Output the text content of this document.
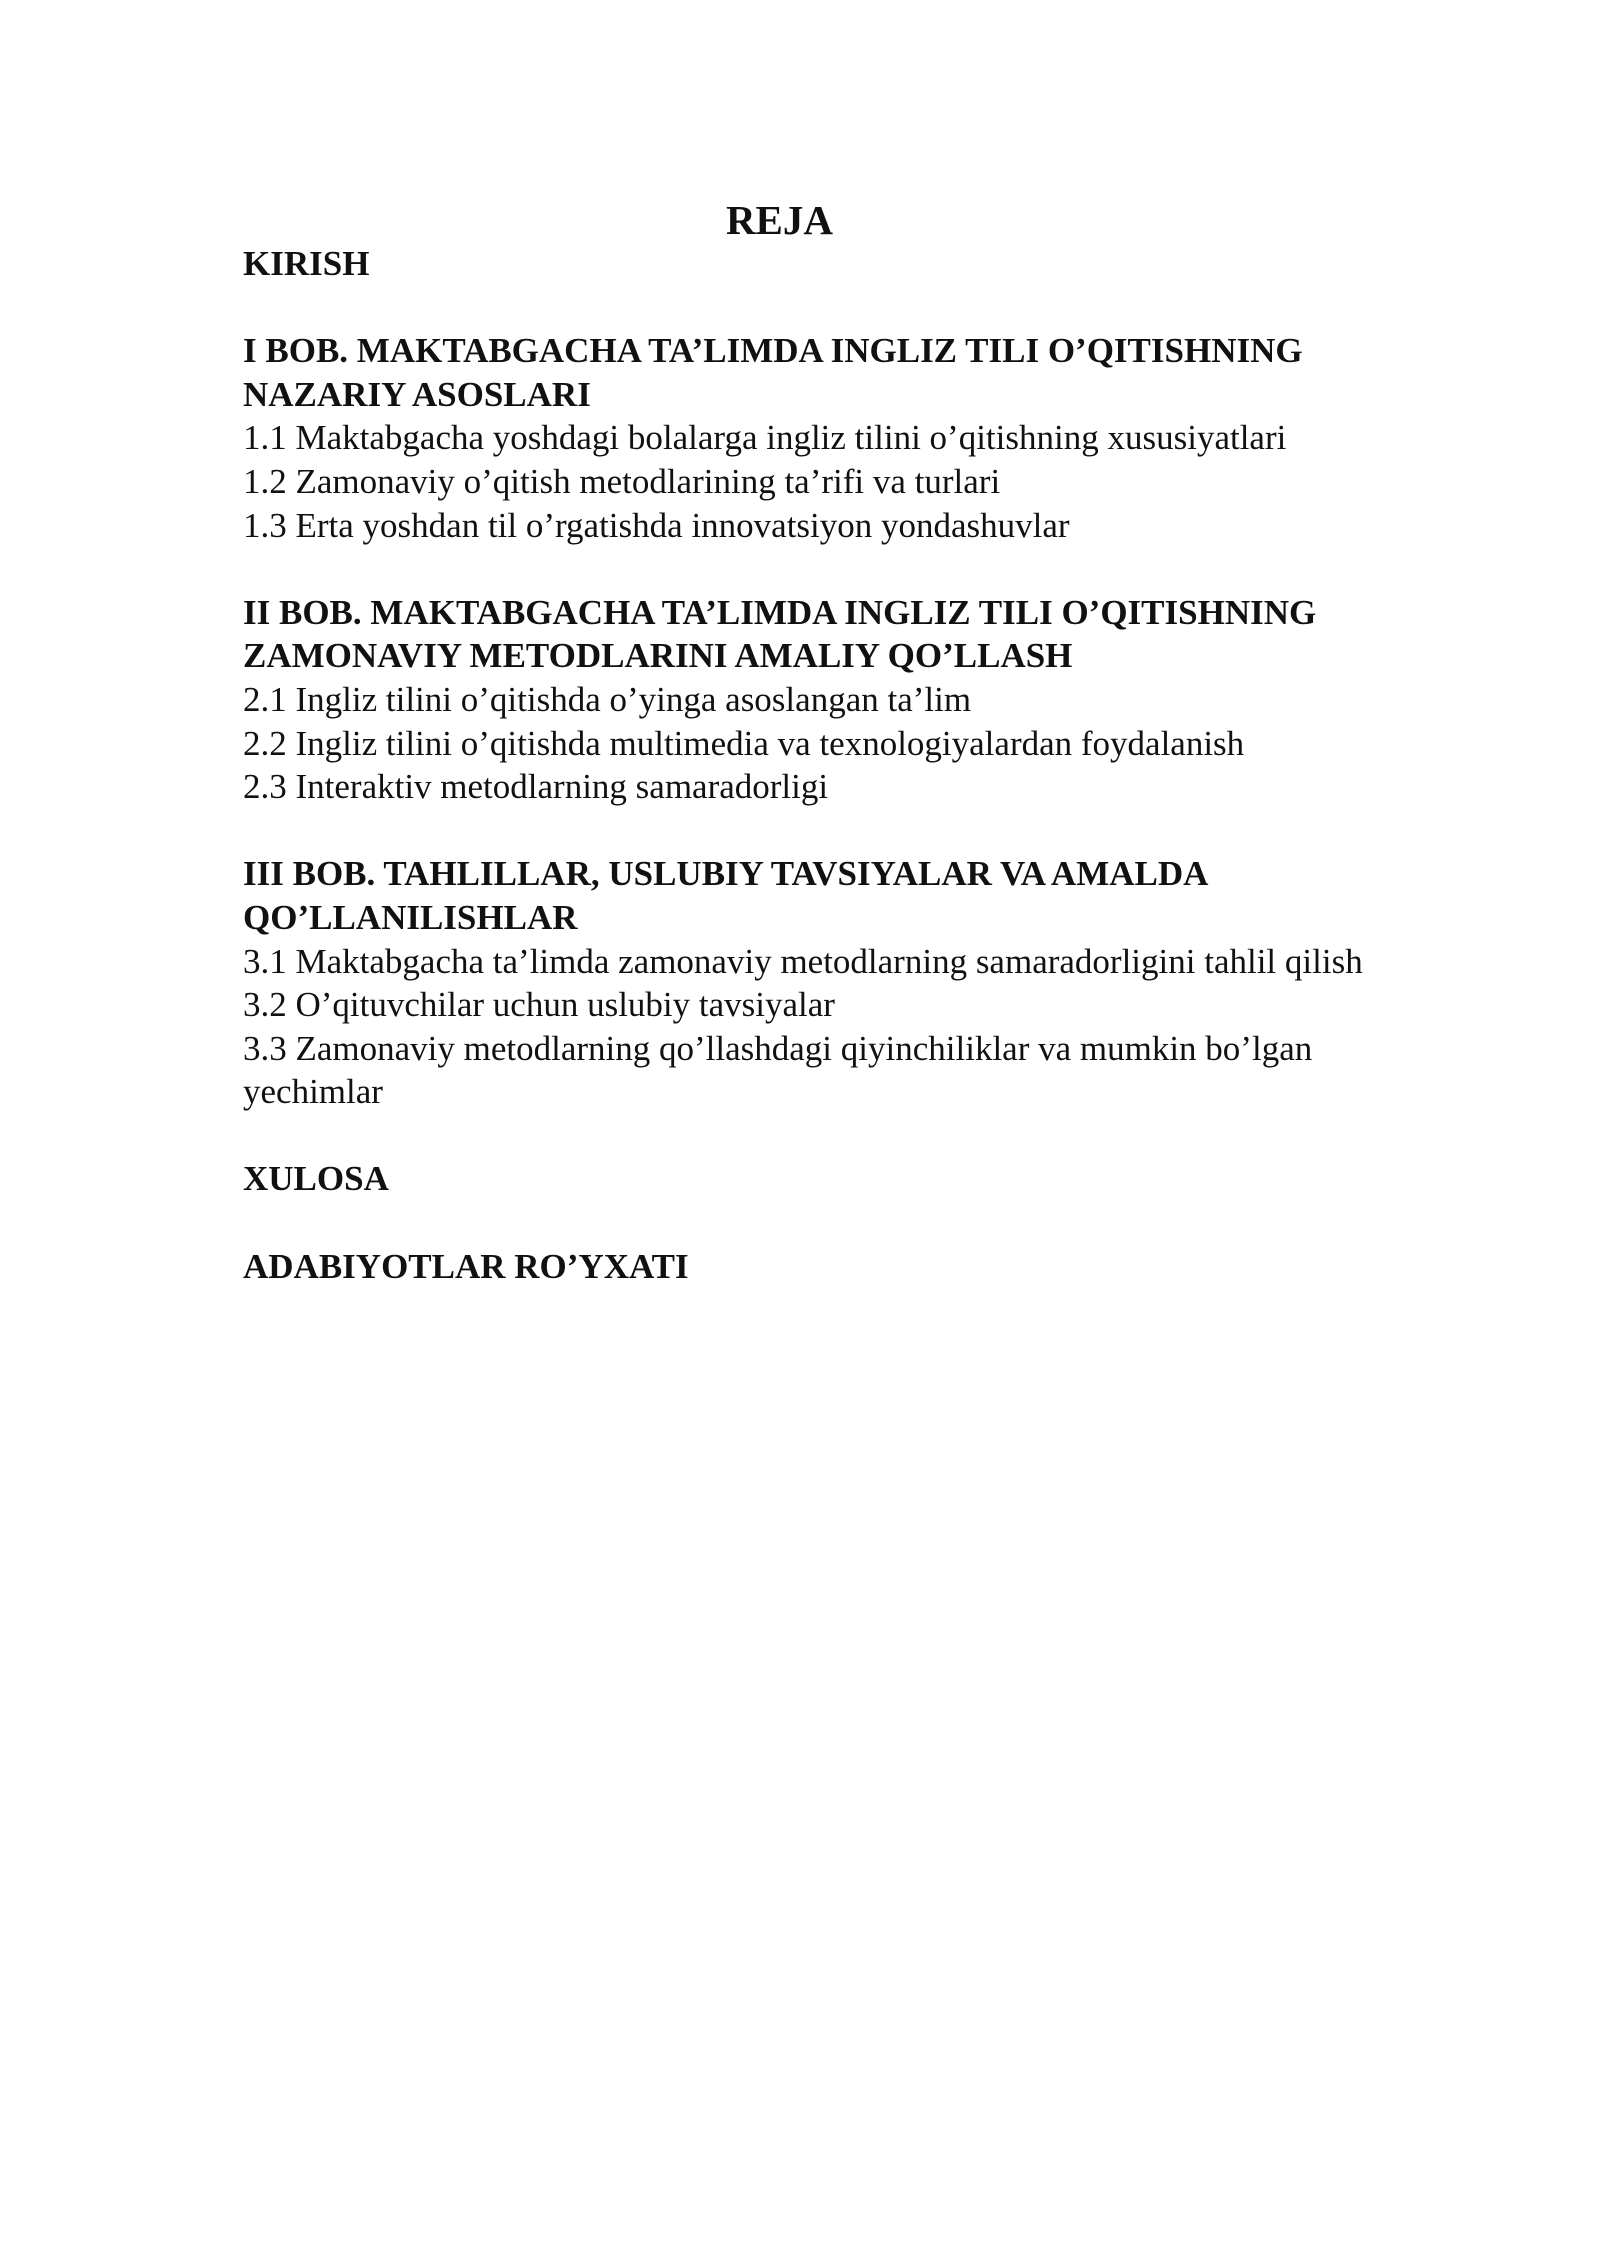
REJA
KIRISH
I BOB. MAKTABGACHA TA’LIMDA INGLIZ TILI O’QITISHNING
NAZARIY ASOSLARI
1.1 Maktabgacha yoshdagi bolalarga ingliz tilini o’qitishning xususiyatlari
1.2 Zamonaviy o’qitish metodlarining ta’rifi va turlari
1.3 Erta yoshdan til o’rgatishda innovatsiyon yondashuvlar
II BOB. MAKTABGACHA TA’LIMDA INGLIZ TILI O’QITISHNING
ZAMONAVIY METODLARINI AMALIY QO’LLASH
2.1 Ingliz tilini o’qitishda o’yinga asoslangan ta’lim
2.2 Ingliz tilini o’qitishda multimedia va texnologiyalardan foydalanish
2.3 Interaktiv metodlarning samaradorligi
III BOB. TAHLILLAR, USLUBIY TAVSIYALAR VA AMALDA
QO’LLANILISHLAR
3.1 Maktabgacha ta’limda zamonaviy metodlarning samaradorligini tahlil qilish
3.2 O’qituvchilar uchun uslubiy tavsiyalar
3.3 Zamonaviy metodlarning qo’llashdagi qiyinchiliklar va mumkin bo’lgan
yechimlar
XULOSA
ADABIYOTLAR RO’YXATI
